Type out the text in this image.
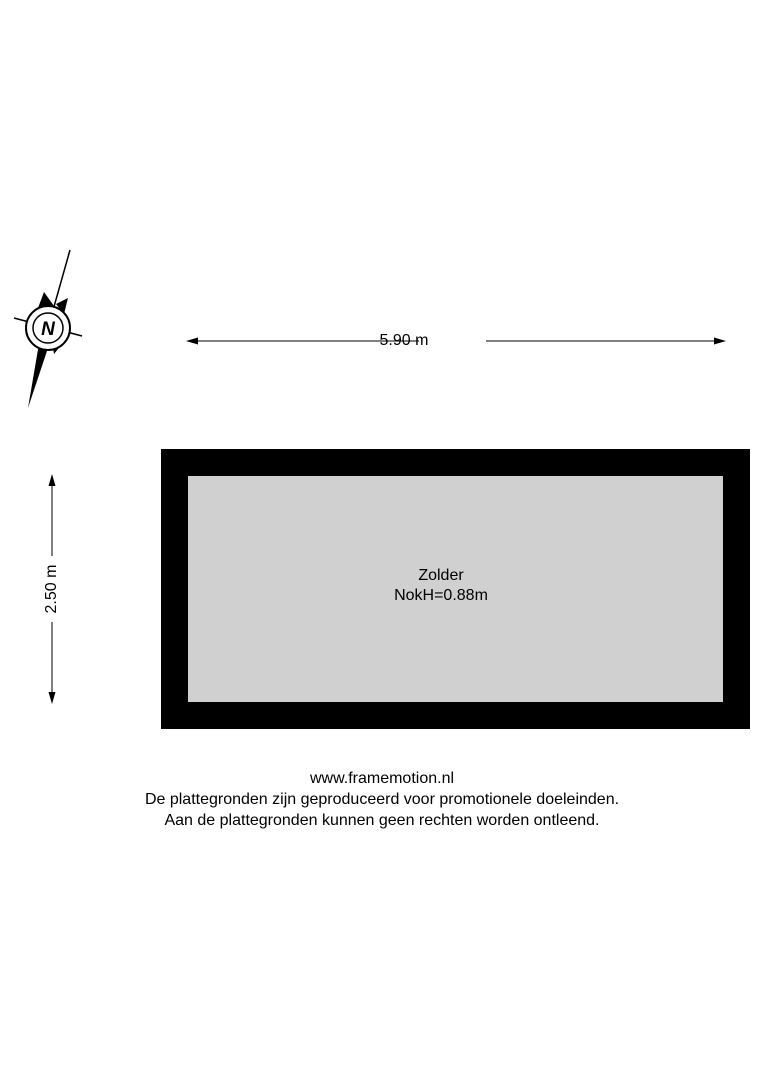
N
5.90 m
2.50 m	Zolder
NokH=0.88m
www.framemotion.nl
De plattegronden zijn geproduceerd voor promotionele doeleinden.
Aan de plattegronden kunnen geen rechten worden ontleend.
